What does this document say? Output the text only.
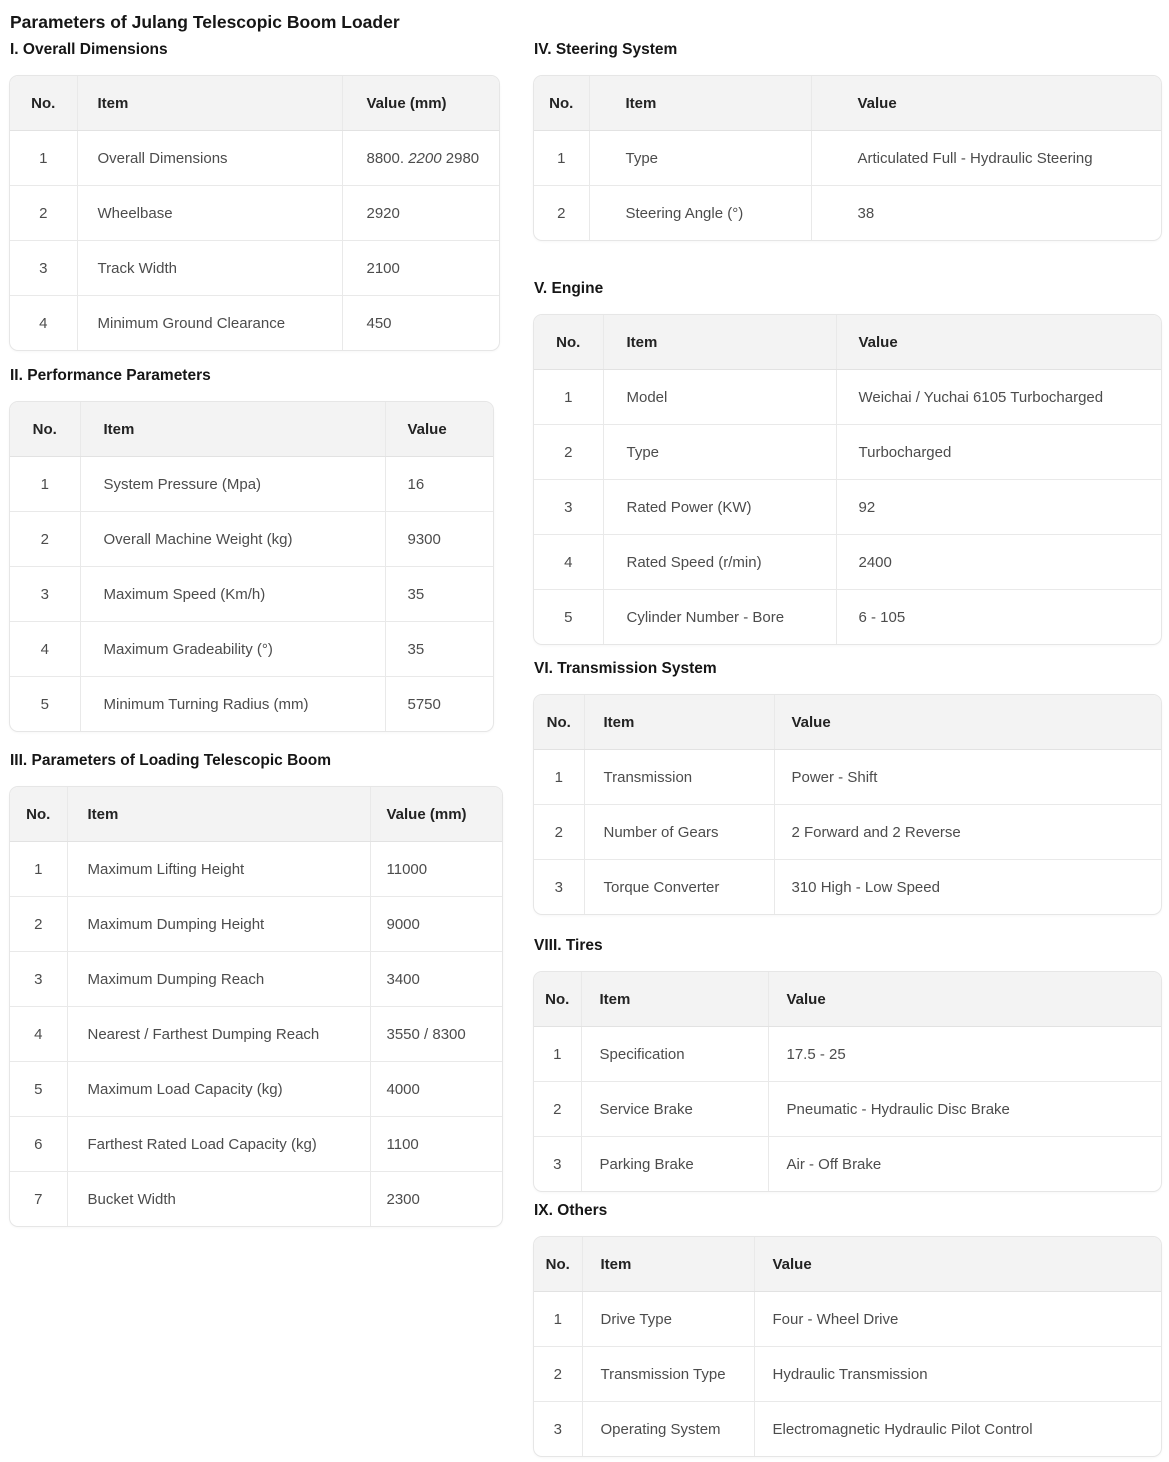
Parameters of Julang Telescopic Boom Loader
I. Overall Dimensions
No.	Item	Value (mm)
1	Overall Dimensions	8800. 2200 2980
2	Wheelbase	2920
3	Track Width	2100
4	Minimum Ground Clearance	450
II. Performance Parameters
No.	Item	Value
1	System Pressure (Mpa)	16
2	Overall Machine Weight (kg)	9300
3	Maximum Speed (Km/h)	35
4	Maximum Gradeability (°)	35
5	Minimum Turning Radius (mm)	5750
III. Parameters of Loading Telescopic Boom
No.	Item	Value (mm)
1	Maximum Lifting Height	11000
2	Maximum Dumping Height	9000
3	Maximum Dumping Reach	3400
4	Nearest / Farthest Dumping Reach	3550 / 8300
5	Maximum Load Capacity (kg)	4000
6	Farthest Rated Load Capacity (kg)	1100
7	Bucket Width	2300
IV. Steering System
No.	Item	Value
1	Type	Articulated Full - Hydraulic Steering
2	Steering Angle (°)	38
V. Engine
No.	Item	Value
1	Model	Weichai / Yuchai 6105 Turbocharged
2	Type	Turbocharged
3	Rated Power (KW)	92
4	Rated Speed (r/min)	2400
5	Cylinder Number - Bore	6 - 105
VI. Transmission System
No.	Item	Value
1	Transmission	Power - Shift
2	Number of Gears	2 Forward and 2 Reverse
3	Torque Converter	310 High - Low Speed
VIII. Tires
No.	Item	Value
1	Specification	17.5 - 25
2	Service Brake	Pneumatic - Hydraulic Disc Brake
3	Parking Brake	Air - Off Brake
IX. Others
No.	Item	Value
1	Drive Type	Four - Wheel Drive
2	Transmission Type	Hydraulic Transmission
3	Operating System	Electromagnetic Hydraulic Pilot Control
